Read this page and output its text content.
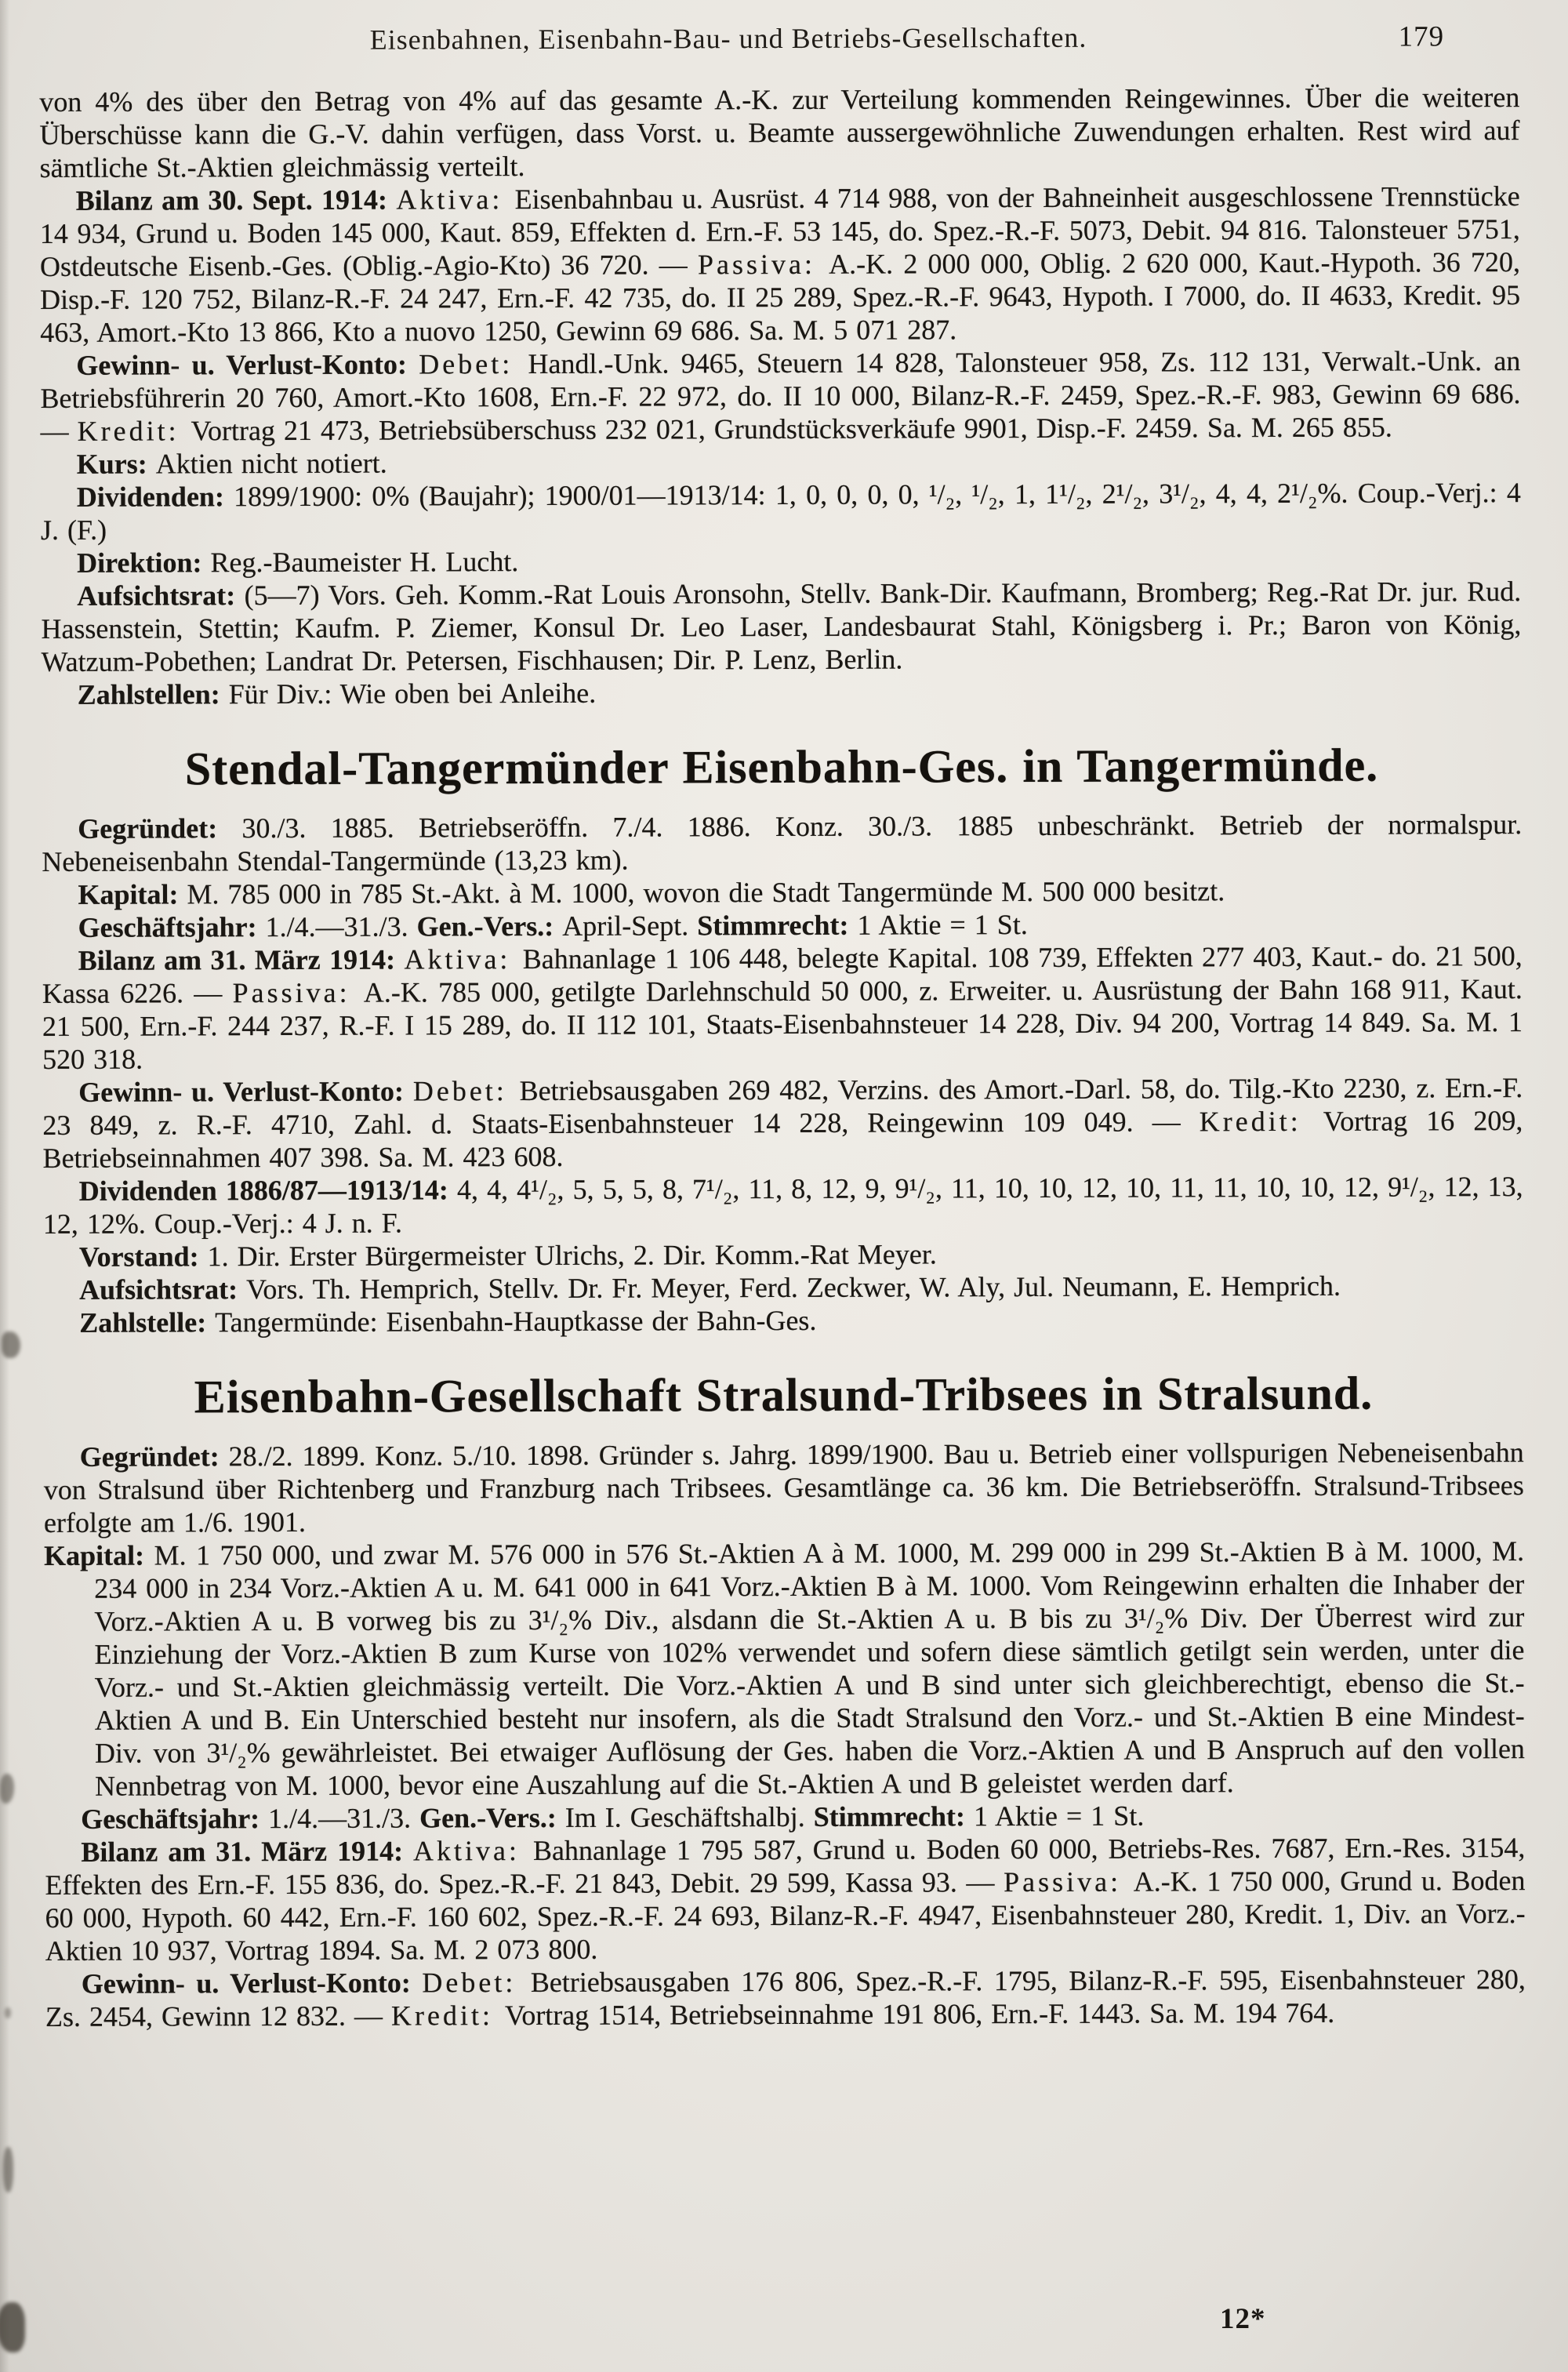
Eisenbahnen, Eisenbahn-Bau- und Betriebs-Gesellschaften.	179

von 4% des über den Betrag von 4% auf das gesamte A.-K. zur Verteilung kommenden Reingewinnes. Über die weiteren Überschüsse kann die G.-V. dahin verfügen, dass Vorst. u. Beamte aussergewöhnliche Zuwendungen erhalten. Rest wird auf sämtliche St.-Aktien gleichmässig verteilt.

Bilanz am 30. Sept. 1914: Aktiva: Eisenbahnbau u. Ausrüst. 4 714 988, von der Bahneinheit ausgeschlossene Trennstücke 14 934, Grund u. Boden 145 000, Kaut. 859, Effekten d. Ern.-F. 53 145, do. Spez.-R.-F. 5073, Debit. 94 816. Talonsteuer 5751, Ostdeutsche Eisenb.-Ges. (Oblig.-Agio-Kto) 36 720. — Passiva: A.-K. 2 000 000, Oblig. 2 620 000, Kaut.-Hypoth. 36 720, Disp.-F. 120 752, Bilanz-R.-F. 24 247, Ern.-F. 42 735, do. II 25 289, Spez.-R.-F. 9643, Hypoth. I 7000, do. II 4633, Kredit. 95 463, Amort.-Kto 13 866, Kto a nuovo 1250, Gewinn 69 686. Sa. M. 5 071 287.

Gewinn- u. Verlust-Konto: Debet: Handl.-Unk. 9465, Steuern 14 828, Talonsteuer 958, Zs. 112 131, Verwalt.-Unk. an Betriebsführerin 20 760, Amort.-Kto 1608, Ern.-F. 22 972, do. II 10 000, Bilanz-R.-F. 2459, Spez.-R.-F. 983, Gewinn 69 686. — Kredit: Vortrag 21 473, Betriebsüberschuss 232 021, Grundstücksverkäufe 9901, Disp.-F. 2459. Sa. M. 265 855.

Kurs: Aktien nicht notiert.

Dividenden: 1899/1900: 0% (Baujahr); 1900/01—1913/14: 1, 0, 0, 0, 0, ¹/₂, ¹/₂, 1, 1¹/₂, 2¹/₂, 3¹/₂, 4, 4, 2¹/₂%. Coup.-Verj.: 4 J. (F.)

Direktion: Reg.-Baumeister H. Lucht.

Aufsichtsrat: (5—7) Vors. Geh. Komm.-Rat Louis Aronsohn, Stellv. Bank-Dir. Kaufmann, Bromberg; Reg.-Rat Dr. jur. Rud. Hassenstein, Stettin; Kaufm. P. Ziemer, Konsul Dr. Leo Laser, Landesbaurat Stahl, Königsberg i. Pr.; Baron von König, Watzum-Pobethen; Landrat Dr. Petersen, Fischhausen; Dir. P. Lenz, Berlin.

Zahlstellen: Für Div.: Wie oben bei Anleihe.

Stendal-Tangermünder Eisenbahn-Ges. in Tangermünde.

Gegründet: 30./3. 1885. Betriebseröffn. 7./4. 1886. Konz. 30./3. 1885 unbeschränkt. Betrieb der normalspur. Nebeneisenbahn Stendal-Tangermünde (13,23 km).

Kapital: M. 785 000 in 785 St.-Akt. à M. 1000, wovon die Stadt Tangermünde M. 500 000 besitzt.

Geschäftsjahr: 1./4.—31./3. Gen.-Vers.: April-Sept. Stimmrecht: 1 Aktie = 1 St.

Bilanz am 31. März 1914: Aktiva: Bahnanlage 1 106 448, belegte Kapital. 108 739, Effekten 277 403, Kaut.- do. 21 500, Kassa 6226. — Passiva: A.-K. 785 000, getilgte Darlehnschuld 50 000, z. Erweiter. u. Ausrüstung der Bahn 168 911, Kaut. 21 500, Ern.-F. 244 237, R.-F. I 15 289, do. II 112 101, Staats-Eisenbahnsteuer 14 228, Div. 94 200, Vortrag 14 849. Sa. M. 1 520 318.

Gewinn- u. Verlust-Konto: Debet: Betriebsausgaben 269 482, Verzins. des Amort.-Darl. 58, do. Tilg.-Kto 2230, z. Ern.-F. 23 849, z. R.-F. 4710, Zahl. d. Staats-Eisenbahnsteuer 14 228, Reingewinn 109 049. — Kredit: Vortrag 16 209, Betriebseinnahmen 407 398. Sa. M. 423 608.

Dividenden 1886/87—1913/14: 4, 4, 4¹/₂, 5, 5, 5, 8, 7¹/₂, 11, 8, 12, 9, 9¹/₂, 11, 10, 10, 12, 10, 11, 11, 10, 10, 12, 9¹/₂, 12, 13, 12, 12%. Coup.-Verj.: 4 J. n. F.

Vorstand: 1. Dir. Erster Bürgermeister Ulrichs, 2. Dir. Komm.-Rat Meyer.

Aufsichtsrat: Vors. Th. Hemprich, Stellv. Dr. Fr. Meyer, Ferd. Zeckwer, W. Aly, Jul. Neumann, E. Hemprich.

Zahlstelle: Tangermünde: Eisenbahn-Hauptkasse der Bahn-Ges.

Eisenbahn-Gesellschaft Stralsund-Tribsees in Stralsund.

Gegründet: 28./2. 1899. Konz. 5./10. 1898. Gründer s. Jahrg. 1899/1900. Bau u. Betrieb einer vollspurigen Nebeneisenbahn von Stralsund über Richtenberg und Franzburg nach Tribsees. Gesamtlänge ca. 36 km. Die Betriebseröffn. Stralsund-Tribsees erfolgte am 1./6. 1901.

Kapital: M. 1 750 000, und zwar M. 576 000 in 576 St.-Aktien A à M. 1000, M. 299 000 in 299 St.-Aktien B à M. 1000, M. 234 000 in 234 Vorz.-Aktien A u. M. 641 000 in 641 Vorz.-Aktien B à M. 1000. Vom Reingewinn erhalten die Inhaber der Vorz.-Aktien A u. B vorweg bis zu 3¹/₂% Div., alsdann die St.-Aktien A u. B bis zu 3¹/₂% Div. Der Überrest wird zur Einziehung der Vorz.-Aktien B zum Kurse von 102% verwendet und sofern diese sämtlich getilgt sein werden, unter die Vorz.- und St.-Aktien gleichmässig verteilt. Die Vorz.-Aktien A und B sind unter sich gleichberechtigt, ebenso die St.-Aktien A und B. Ein Unterschied besteht nur insofern, als die Stadt Stralsund den Vorz.- und St.-Aktien B eine Mindest-Div. von 3¹/₂% gewährleistet. Bei etwaiger Auflösung der Ges. haben die Vorz.-Aktien A und B Anspruch auf den vollen Nennbetrag von M. 1000, bevor eine Auszahlung auf die St.-Aktien A und B geleistet werden darf.

Geschäftsjahr: 1./4.—31./3. Gen.-Vers.: Im I. Geschäftshalbj. Stimmrecht: 1 Aktie = 1 St.

Bilanz am 31. März 1914: Aktiva: Bahnanlage 1 795 587, Grund u. Boden 60 000, Betriebs-Res. 7687, Ern.-Res. 3154, Effekten des Ern.-F. 155 836, do. Spez.-R.-F. 21 843, Debit. 29 599, Kassa 93. — Passiva: A.-K. 1 750 000, Grund u. Boden 60 000, Hypoth. 60 442, Ern.-F. 160 602, Spez.-R.-F. 24 693, Bilanz-R.-F. 4947, Eisenbahnsteuer 280, Kredit. 1, Div. an Vorz.-Aktien 10 937, Vortrag 1894. Sa. M. 2 073 800.

Gewinn- u. Verlust-Konto: Debet: Betriebsausgaben 176 806, Spez.-R.-F. 1795, Bilanz-R.-F. 595, Eisenbahnsteuer 280, Zs. 2454, Gewinn 12 832. — Kredit: Vortrag 1514, Betriebseinnahme 191 806, Ern.-F. 1443. Sa. M. 194 764.

12*
